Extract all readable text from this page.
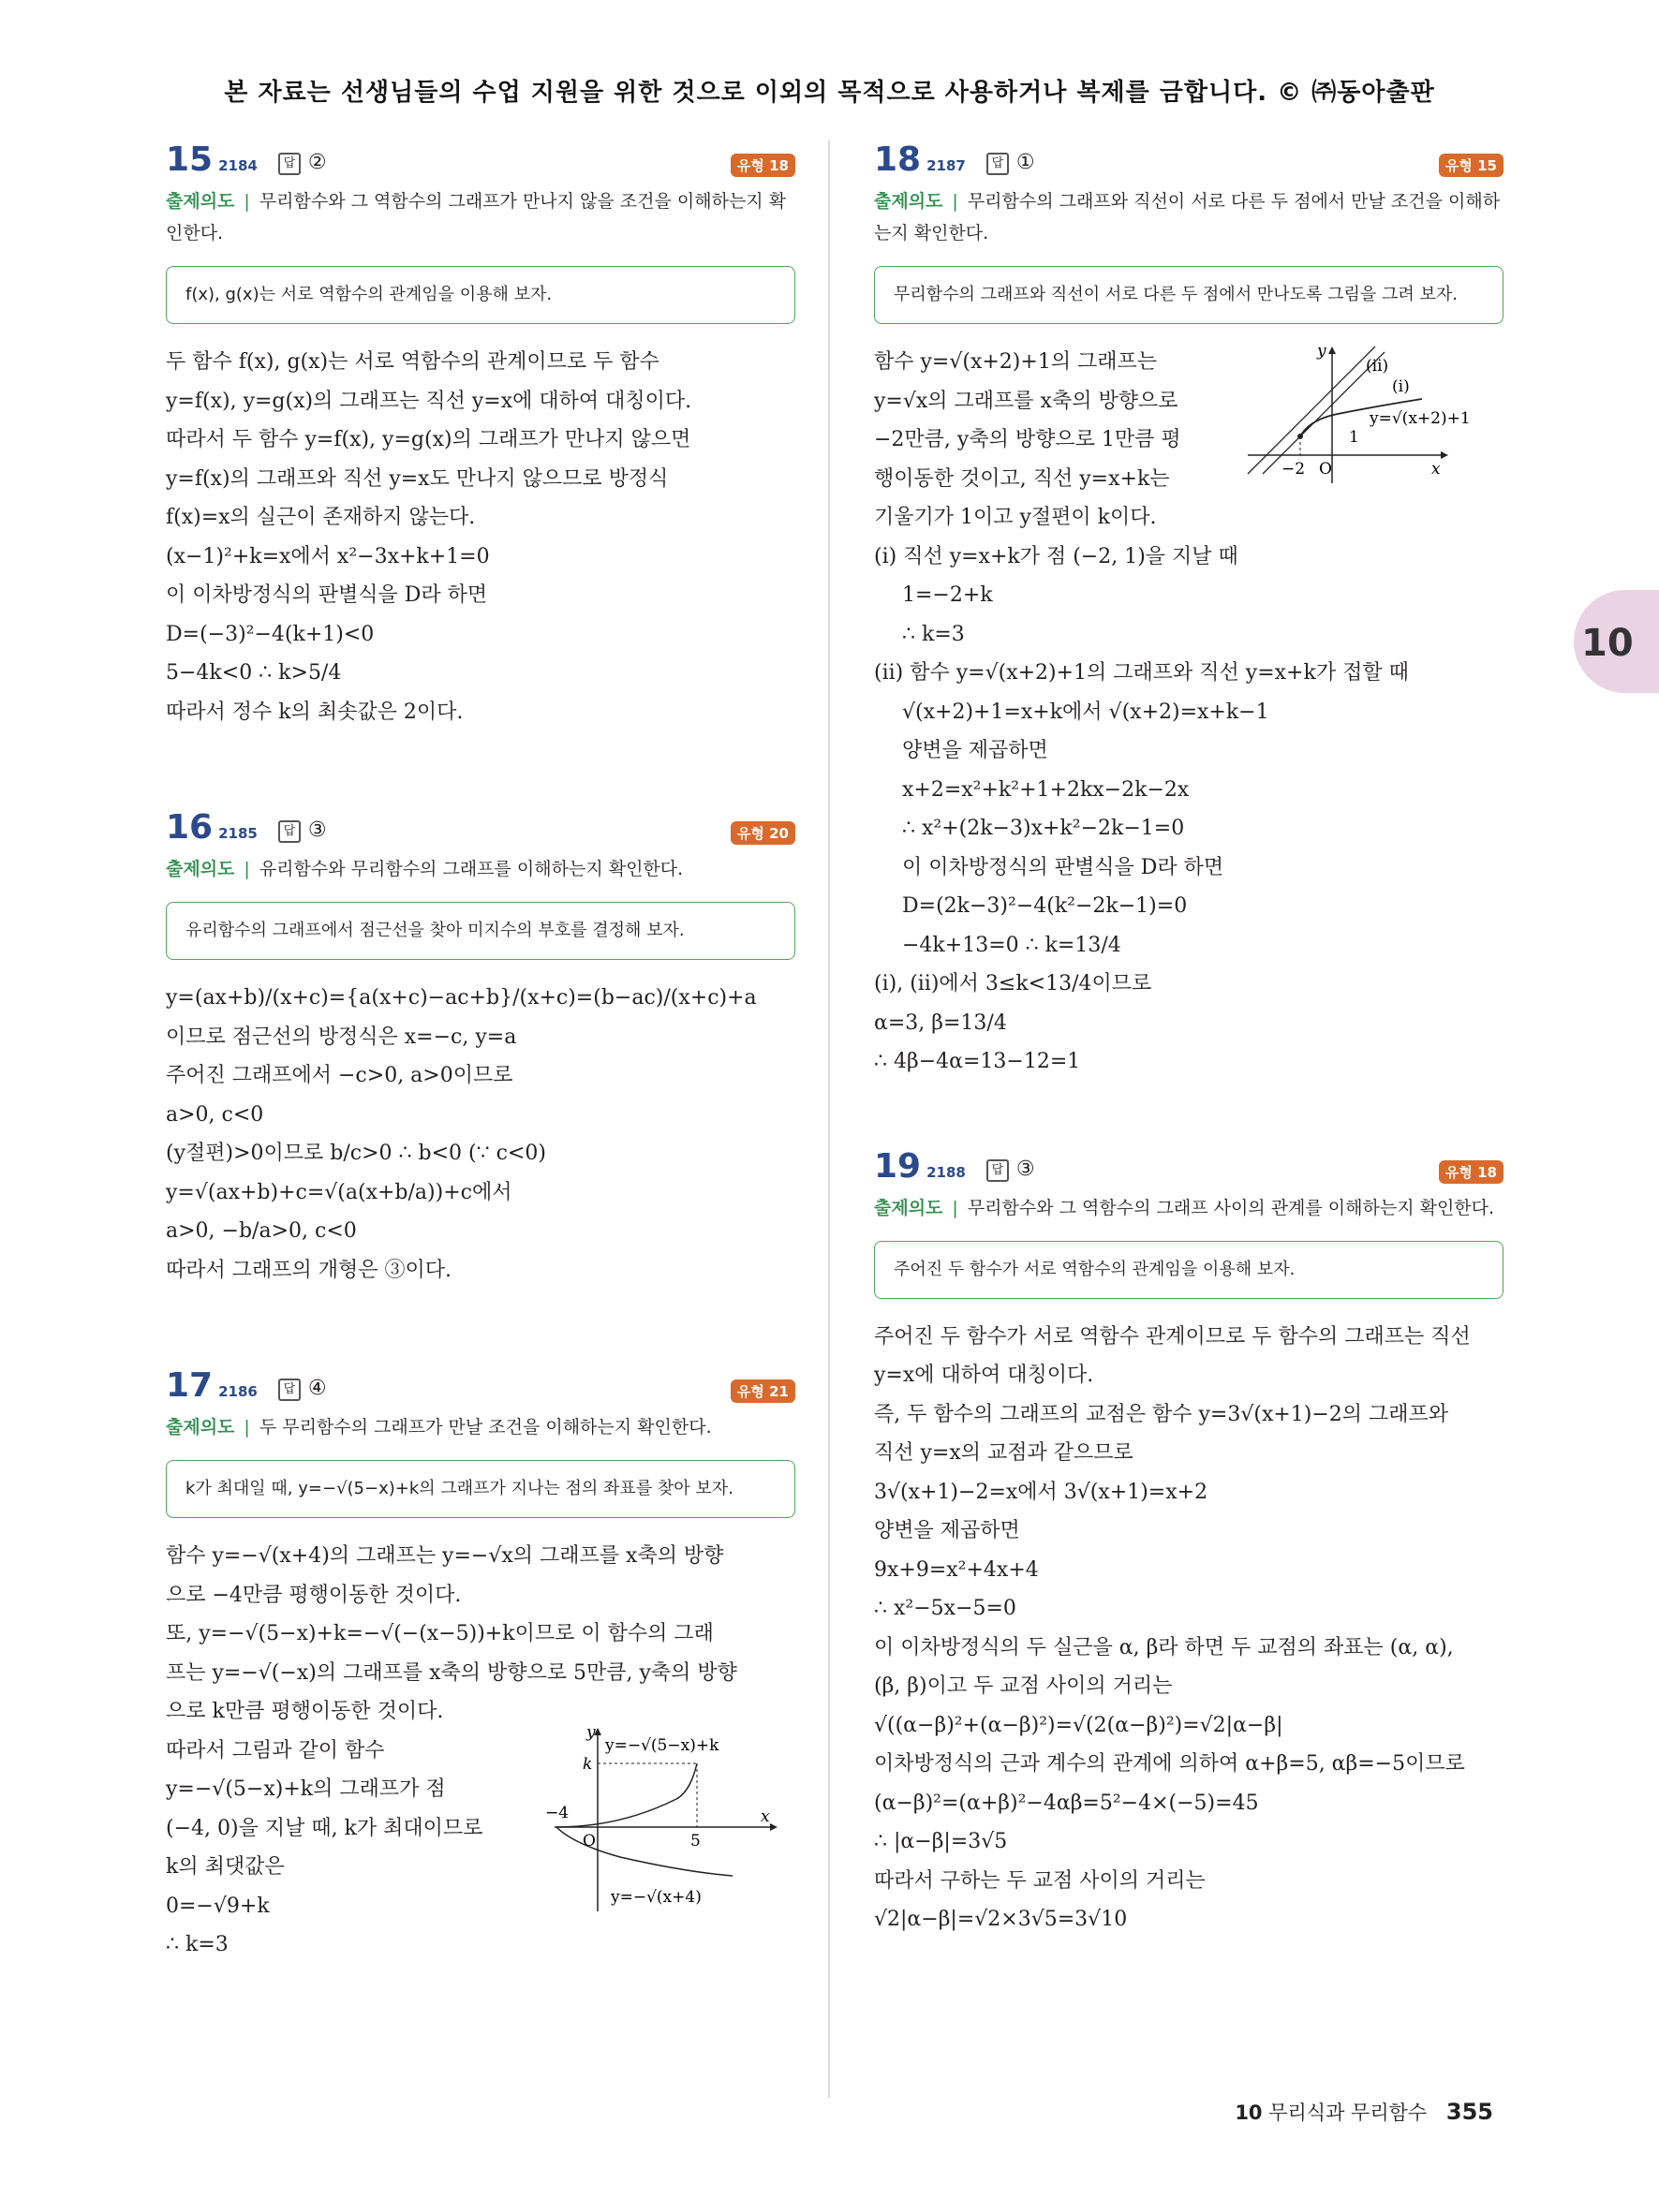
본 자료는 선생님들의 수업 지원을 위한 것으로 이외의 목적으로 사용하거나 복제를 금합니다. © ㈜동아출판
10
15 2184 답 ②	유형 18
출제의도 | 무리함수와 그 역함수의 그래프가 만나지 않을 조건을 이해하는지 확인한다.
f(x), g(x)는 서로 역함수의 관계임을 이용해 보자.
두 함수 f(x), g(x)는 서로 역함수의 관계이므로 두 함수
y=f(x), y=g(x)의 그래프는 직선 y=x에 대하여 대칭이다.
따라서 두 함수 y=f(x), y=g(x)의 그래프가 만나지 않으면
y=f(x)의 그래프와 직선 y=x도 만나지 않으므로 방정식
f(x)=x의 실근이 존재하지 않는다.
(x−1)²+k=x에서 x²−3x+k+1=0
이 이차방정식의 판별식을 D라 하면
D=(−3)²−4(k+1)<0
5−4k<0 ∴ k>5/4
따라서 정수 k의 최솟값은 2이다.
16 2185 답 ③	유형 20
출제의도 | 유리함수와 무리함수의 그래프를 이해하는지 확인한다.
유리함수의 그래프에서 점근선을 찾아 미지수의 부호를 결정해 보자.
y=(ax+b)/(x+c)={a(x+c)−ac+b}/(x+c)=(b−ac)/(x+c)+a
이므로 점근선의 방정식은 x=−c, y=a
주어진 그래프에서 −c>0, a>0이므로
a>0, c<0
(y절편)>0이므로 b/c>0 ∴ b<0 (∵ c<0)
y=√(ax+b)+c=√(a(x+b/a))+c에서
a>0, −b/a>0, c<0
따라서 그래프의 개형은 ③이다.
17 2186 답 ④	유형 21
출제의도 | 두 무리함수의 그래프가 만날 조건을 이해하는지 확인한다.
k가 최대일 때, y=−√(5−x)+k의 그래프가 지나는 점의 좌표를 찾아 보자.
함수 y=−√(x+4)의 그래프는 y=−√x의 그래프를 x축의 방향
으로 −4만큼 평행이동한 것이다.
또, y=−√(5−x)+k=−√(−(x−5))+k이므로 이 함수의 그래
프는 y=−√(−x)의 그래프를 x축의 방향으로 5만큼, y축의 방향
으로 k만큼 평행이동한 것이다.
따라서 그림과 같이 함수
y=−√(5−x)+k의 그래프가 점
(−4, 0)을 지날 때, k가 최대이므로
k의 최댓값은
0=−√9+k
∴ k=3
y
x
O
k
−4
5
y=−√(5−x)+k
y=−√(x+4)
18 2187 답 ①	유형 15
출제의도 | 무리함수의 그래프와 직선이 서로 다른 두 점에서 만날 조건을 이해하는지 확인한다.
무리함수의 그래프와 직선이 서로 다른 두 점에서 만나도록 그림을 그려 보자.
함수 y=√(x+2)+1의 그래프는
y=√x의 그래프를 x축의 방향으로
−2만큼, y축의 방향으로 1만큼 평
행이동한 것이고, 직선 y=x+k는
기울기가 1이고 y절편이 k이다.
(i) 직선 y=x+k가 점 (−2, 1)을 지날 때
1=−2+k
∴ k=3
(ii) 함수 y=√(x+2)+1의 그래프와 직선 y=x+k가 접할 때
√(x+2)+1=x+k에서 √(x+2)=x+k−1
양변을 제곱하면
x+2=x²+k²+1+2kx−2k−2x
∴ x²+(2k−3)x+k²−2k−1=0
이 이차방정식의 판별식을 D라 하면
D=(2k−3)²−4(k²−2k−1)=0
−4k+13=0 ∴ k=13/4
(i), (ii)에서 3≤k<13/4이므로
α=3, β=13/4
∴ 4β−4α=13−12=1
y
x
O
1
−2
(ii)
(i)
y=√(x+2)+1
19 2188 답 ③	유형 18
출제의도 | 무리함수와 그 역함수의 그래프 사이의 관계를 이해하는지 확인한다.
주어진 두 함수가 서로 역함수의 관계임을 이용해 보자.
주어진 두 함수가 서로 역함수 관계이므로 두 함수의 그래프는 직선
y=x에 대하여 대칭이다.
즉, 두 함수의 그래프의 교점은 함수 y=3√(x+1)−2의 그래프와
직선 y=x의 교점과 같으므로
3√(x+1)−2=x에서 3√(x+1)=x+2
양변을 제곱하면
9x+9=x²+4x+4
∴ x²−5x−5=0
이 이차방정식의 두 실근을 α, β라 하면 두 교점의 좌표는 (α, α),
(β, β)이고 두 교점 사이의 거리는
√((α−β)²+(α−β)²)=√(2(α−β)²)=√2|α−β|
이차방정식의 근과 계수의 관계에 의하여 α+β=5, αβ=−5이므로
(α−β)²=(α+β)²−4αβ=5²−4×(−5)=45
∴ |α−β|=3√5
따라서 구하는 두 교점 사이의 거리는
√2|α−β|=√2×3√5=3√10
10 무리식과 무리함수 355
